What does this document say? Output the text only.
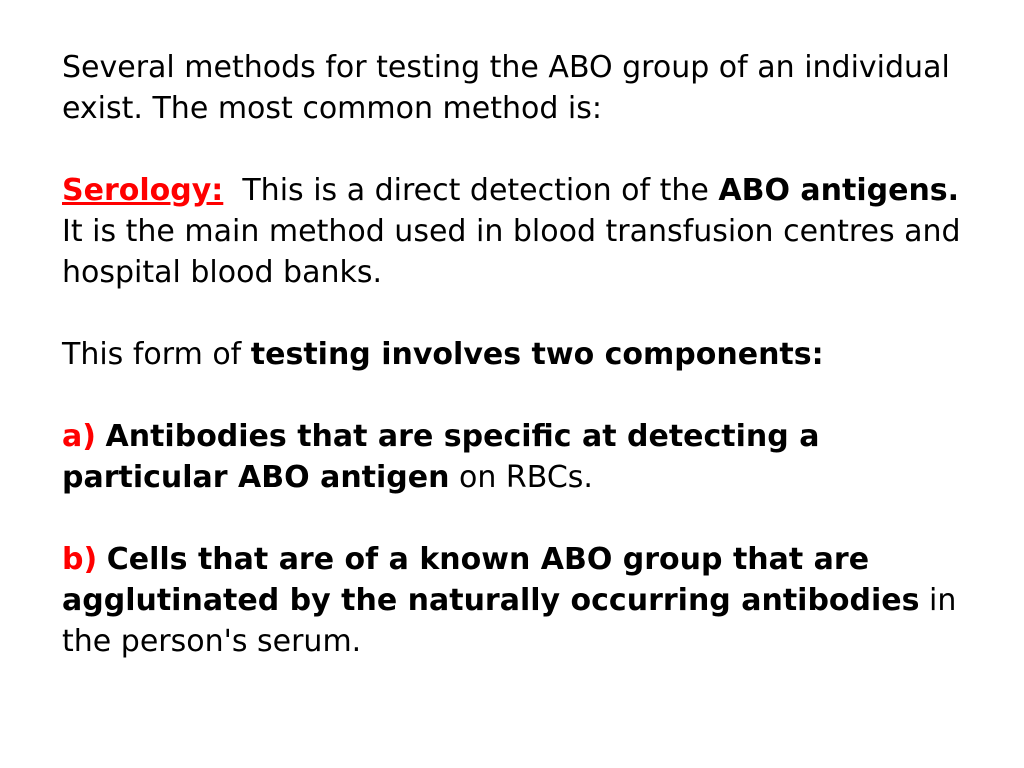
Several methods for testing the ABO group of an individual exist. The most common method is:

Serology: This is a direct detection of the ABO antigens. It is the main method used in blood transfusion centres and hospital blood banks.

This form of testing involves two components:

a) Antibodies that are specific at detecting a particular ABO antigen on RBCs.

b) Cells that are of a known ABO group that are agglutinated by the naturally occurring antibodies in the person's serum.
